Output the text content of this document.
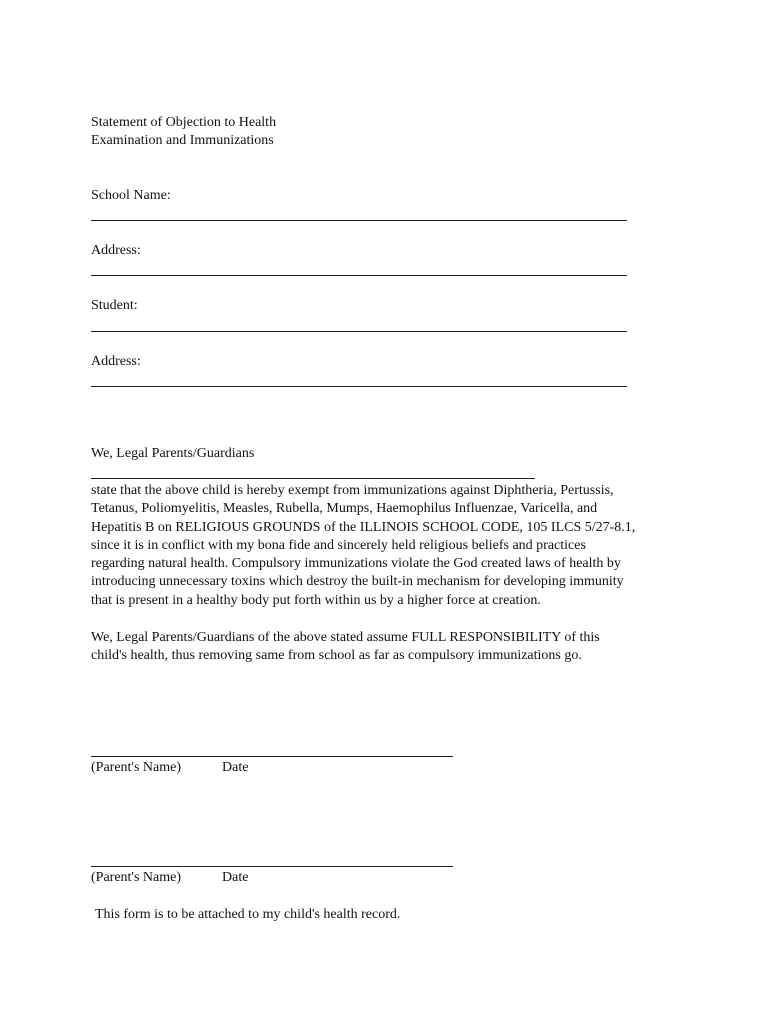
Statement of Objection to Health
Examination and Immunizations
School Name:
Address:
Student:
Address:
We, Legal Parents/Guardians
state that the above child is hereby exempt from immunizations against Diphtheria, Pertussis,
Tetanus, Poliomyelitis, Measles, Rubella, Mumps, Haemophilus Influenzae, Varicella, and
Hepatitis B on RELIGIOUS GROUNDS of the ILLINOIS SCHOOL CODE, 105 ILCS 5/27-8.1,
since it is in conflict with my bona fide and sincerely held religious beliefs and practices
regarding natural health. Compulsory immunizations violate the God created laws of health by
introducing unnecessary toxins which destroy the built-in mechanism for developing immunity
that is present in a healthy body put forth within us by a higher force at creation.
We, Legal Parents/Guardians of the above stated assume FULL RESPONSIBILITY of this
child's health, thus removing same from school as far as compulsory immunizations go.
(Parent's Name)	Date
(Parent's Name)	Date
This form is to be attached to my child's health record.
